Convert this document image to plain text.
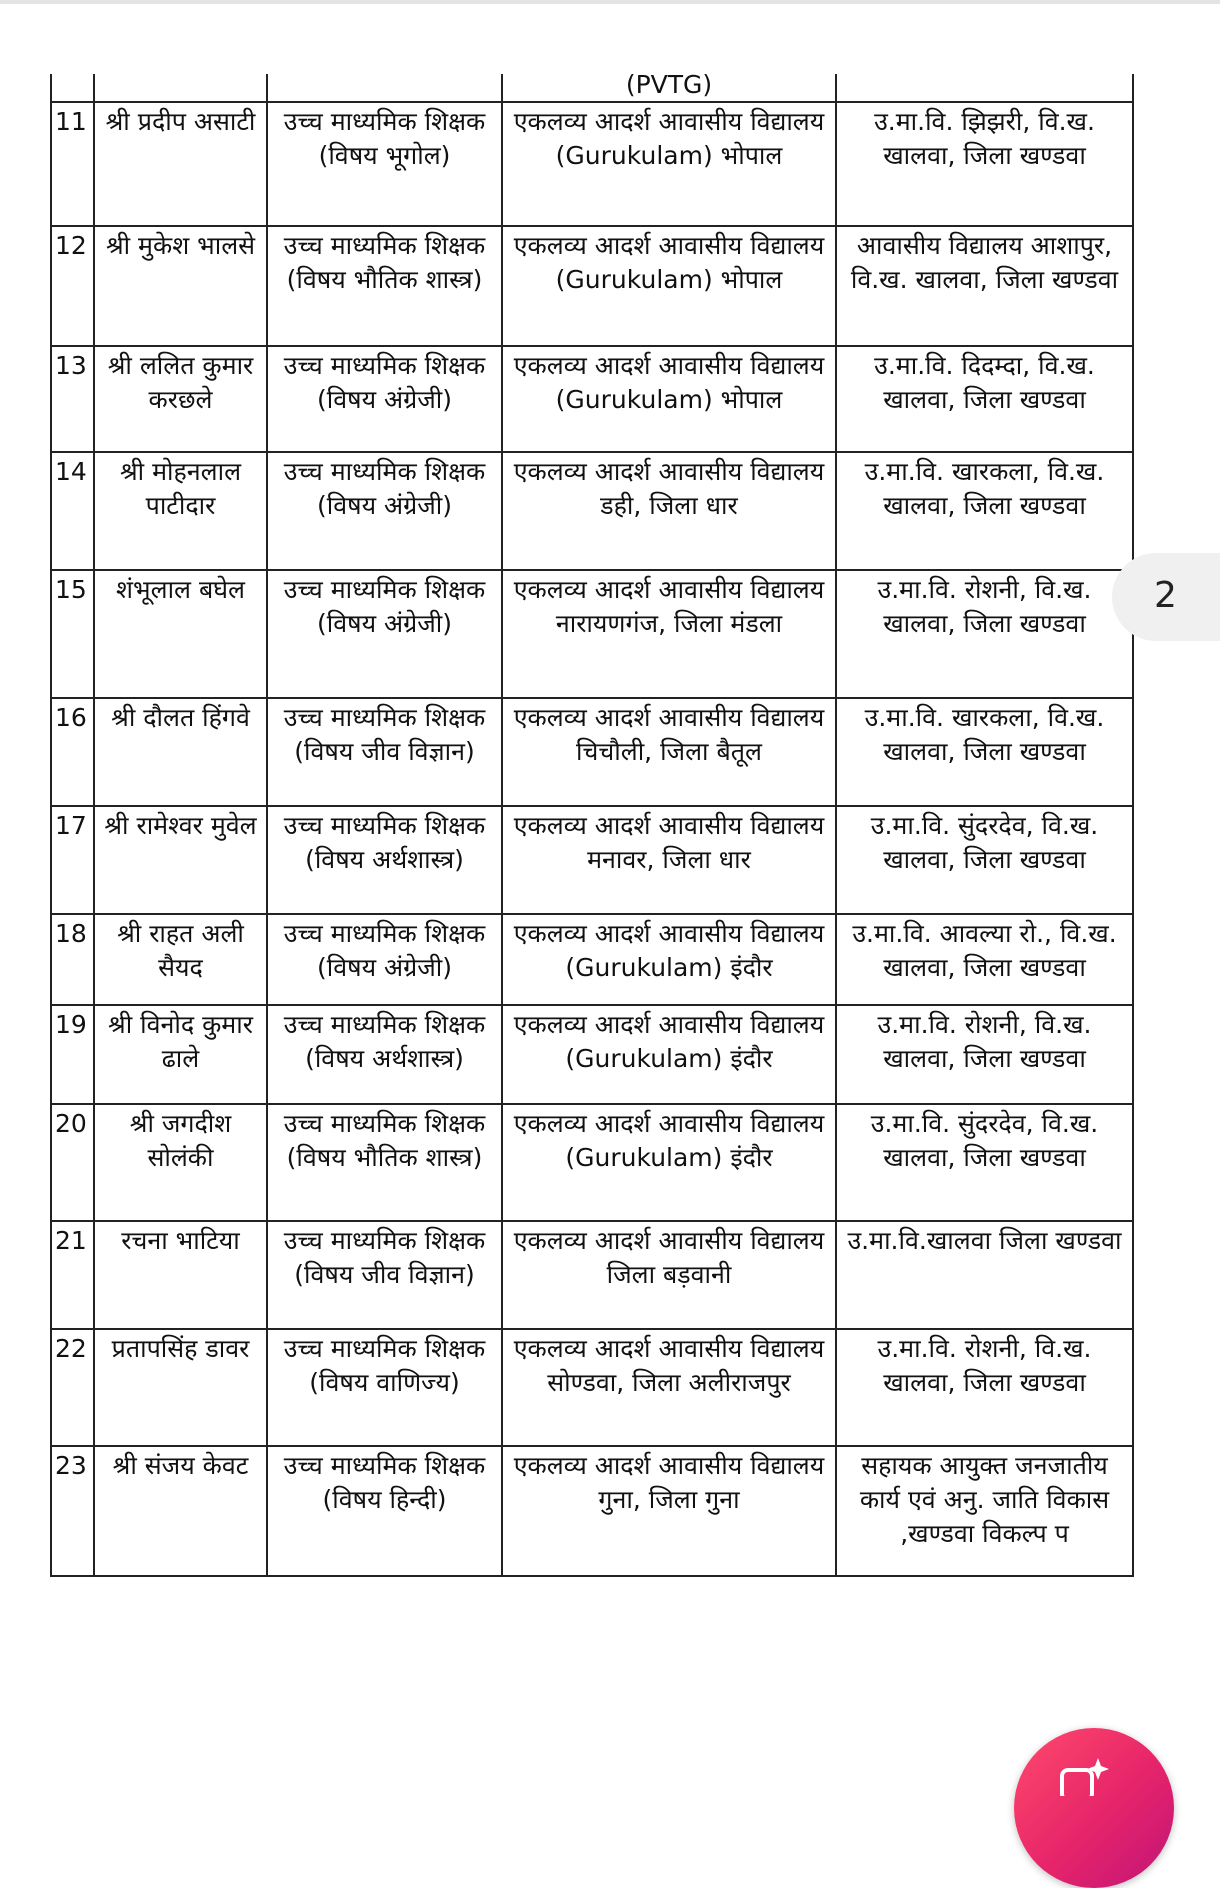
			(PVTG)	
11	श्री प्रदीप असाटी	उच्च माध्यमिक शिक्षक (विषय भूगोल)	एकलव्य आदर्श आवासीय विद्यालय (Gurukulam) भोपाल	उ.मा.वि. झिझरी, वि.ख. खालवा, जिला खण्डवा
12	श्री मुकेश भालसे	उच्च माध्यमिक शिक्षक (विषय भौतिक शास्त्र)	एकलव्य आदर्श आवासीय विद्यालय (Gurukulam) भोपाल	आवासीय विद्यालय आशापुर, वि.ख. खालवा, जिला खण्डवा
13	श्री ललित कुमार करछले	उच्च माध्यमिक शिक्षक (विषय अंग्रेजी)	एकलव्य आदर्श आवासीय विद्यालय (Gurukulam) भोपाल	उ.मा.वि. दिदम्दा, वि.ख. खालवा, जिला खण्डवा
14	श्री मोहनलाल पाटीदार	उच्च माध्यमिक शिक्षक (विषय अंग्रेजी)	एकलव्य आदर्श आवासीय विद्यालय डही, जिला धार	उ.मा.वि. खारकला, वि.ख. खालवा, जिला खण्डवा
15	शंभूलाल बघेल	उच्च माध्यमिक शिक्षक (विषय अंग्रेजी)	एकलव्य आदर्श आवासीय विद्यालय नारायणगंज, जिला मंडला	उ.मा.वि. रोशनी, वि.ख. खालवा, जिला खण्डवा
16	श्री दौलत हिंगवे	उच्च माध्यमिक शिक्षक (विषय जीव विज्ञान)	एकलव्य आदर्श आवासीय विद्यालय चिचौली, जिला बैतूल	उ.मा.वि. खारकला, वि.ख. खालवा, जिला खण्डवा
17	श्री रामेश्वर मुवेल	उच्च माध्यमिक शिक्षक (विषय अर्थशास्त्र)	एकलव्य आदर्श आवासीय विद्यालय मनावर, जिला धार	उ.मा.वि. सुंदरदेव, वि.ख. खालवा, जिला खण्डवा
18	श्री राहत अली सैयद	उच्च माध्यमिक शिक्षक (विषय अंग्रेजी)	एकलव्य आदर्श आवासीय विद्यालय (Gurukulam) इंदौर	उ.मा.वि. आवल्या रो., वि.ख. खालवा, जिला खण्डवा
19	श्री विनोद कुमार ढाले	उच्च माध्यमिक शिक्षक (विषय अर्थशास्त्र)	एकलव्य आदर्श आवासीय विद्यालय (Gurukulam) इंदौर	उ.मा.वि. रोशनी, वि.ख. खालवा, जिला खण्डवा
20	श्री जगदीश सोलंकी	उच्च माध्यमिक शिक्षक (विषय भौतिक शास्त्र)	एकलव्य आदर्श आवासीय विद्यालय (Gurukulam) इंदौर	उ.मा.वि. सुंदरदेव, वि.ख. खालवा, जिला खण्डवा
21	रचना भाटिया	उच्च माध्यमिक शिक्षक (विषय जीव विज्ञान)	एकलव्य आदर्श आवासीय विद्यालय जिला बड़वानी	उ.मा.वि.खालवा जिला खण्डवा
22	प्रतापसिंह डावर	उच्च माध्यमिक शिक्षक (विषय वाणिज्य)	एकलव्य आदर्श आवासीय विद्यालय सोण्डवा, जिला अलीराजपुर	उ.मा.वि. रोशनी, वि.ख. खालवा, जिला खण्डवा
23	श्री संजय केवट	उच्च माध्यमिक शिक्षक (विषय हिन्दी)	एकलव्य आदर्श आवासीय विद्यालय गुना, जिला गुना	सहायक आयुक्त जनजातीय कार्य एवं अनु. जाति विकास ,खण्डवा विकल्प प
2
